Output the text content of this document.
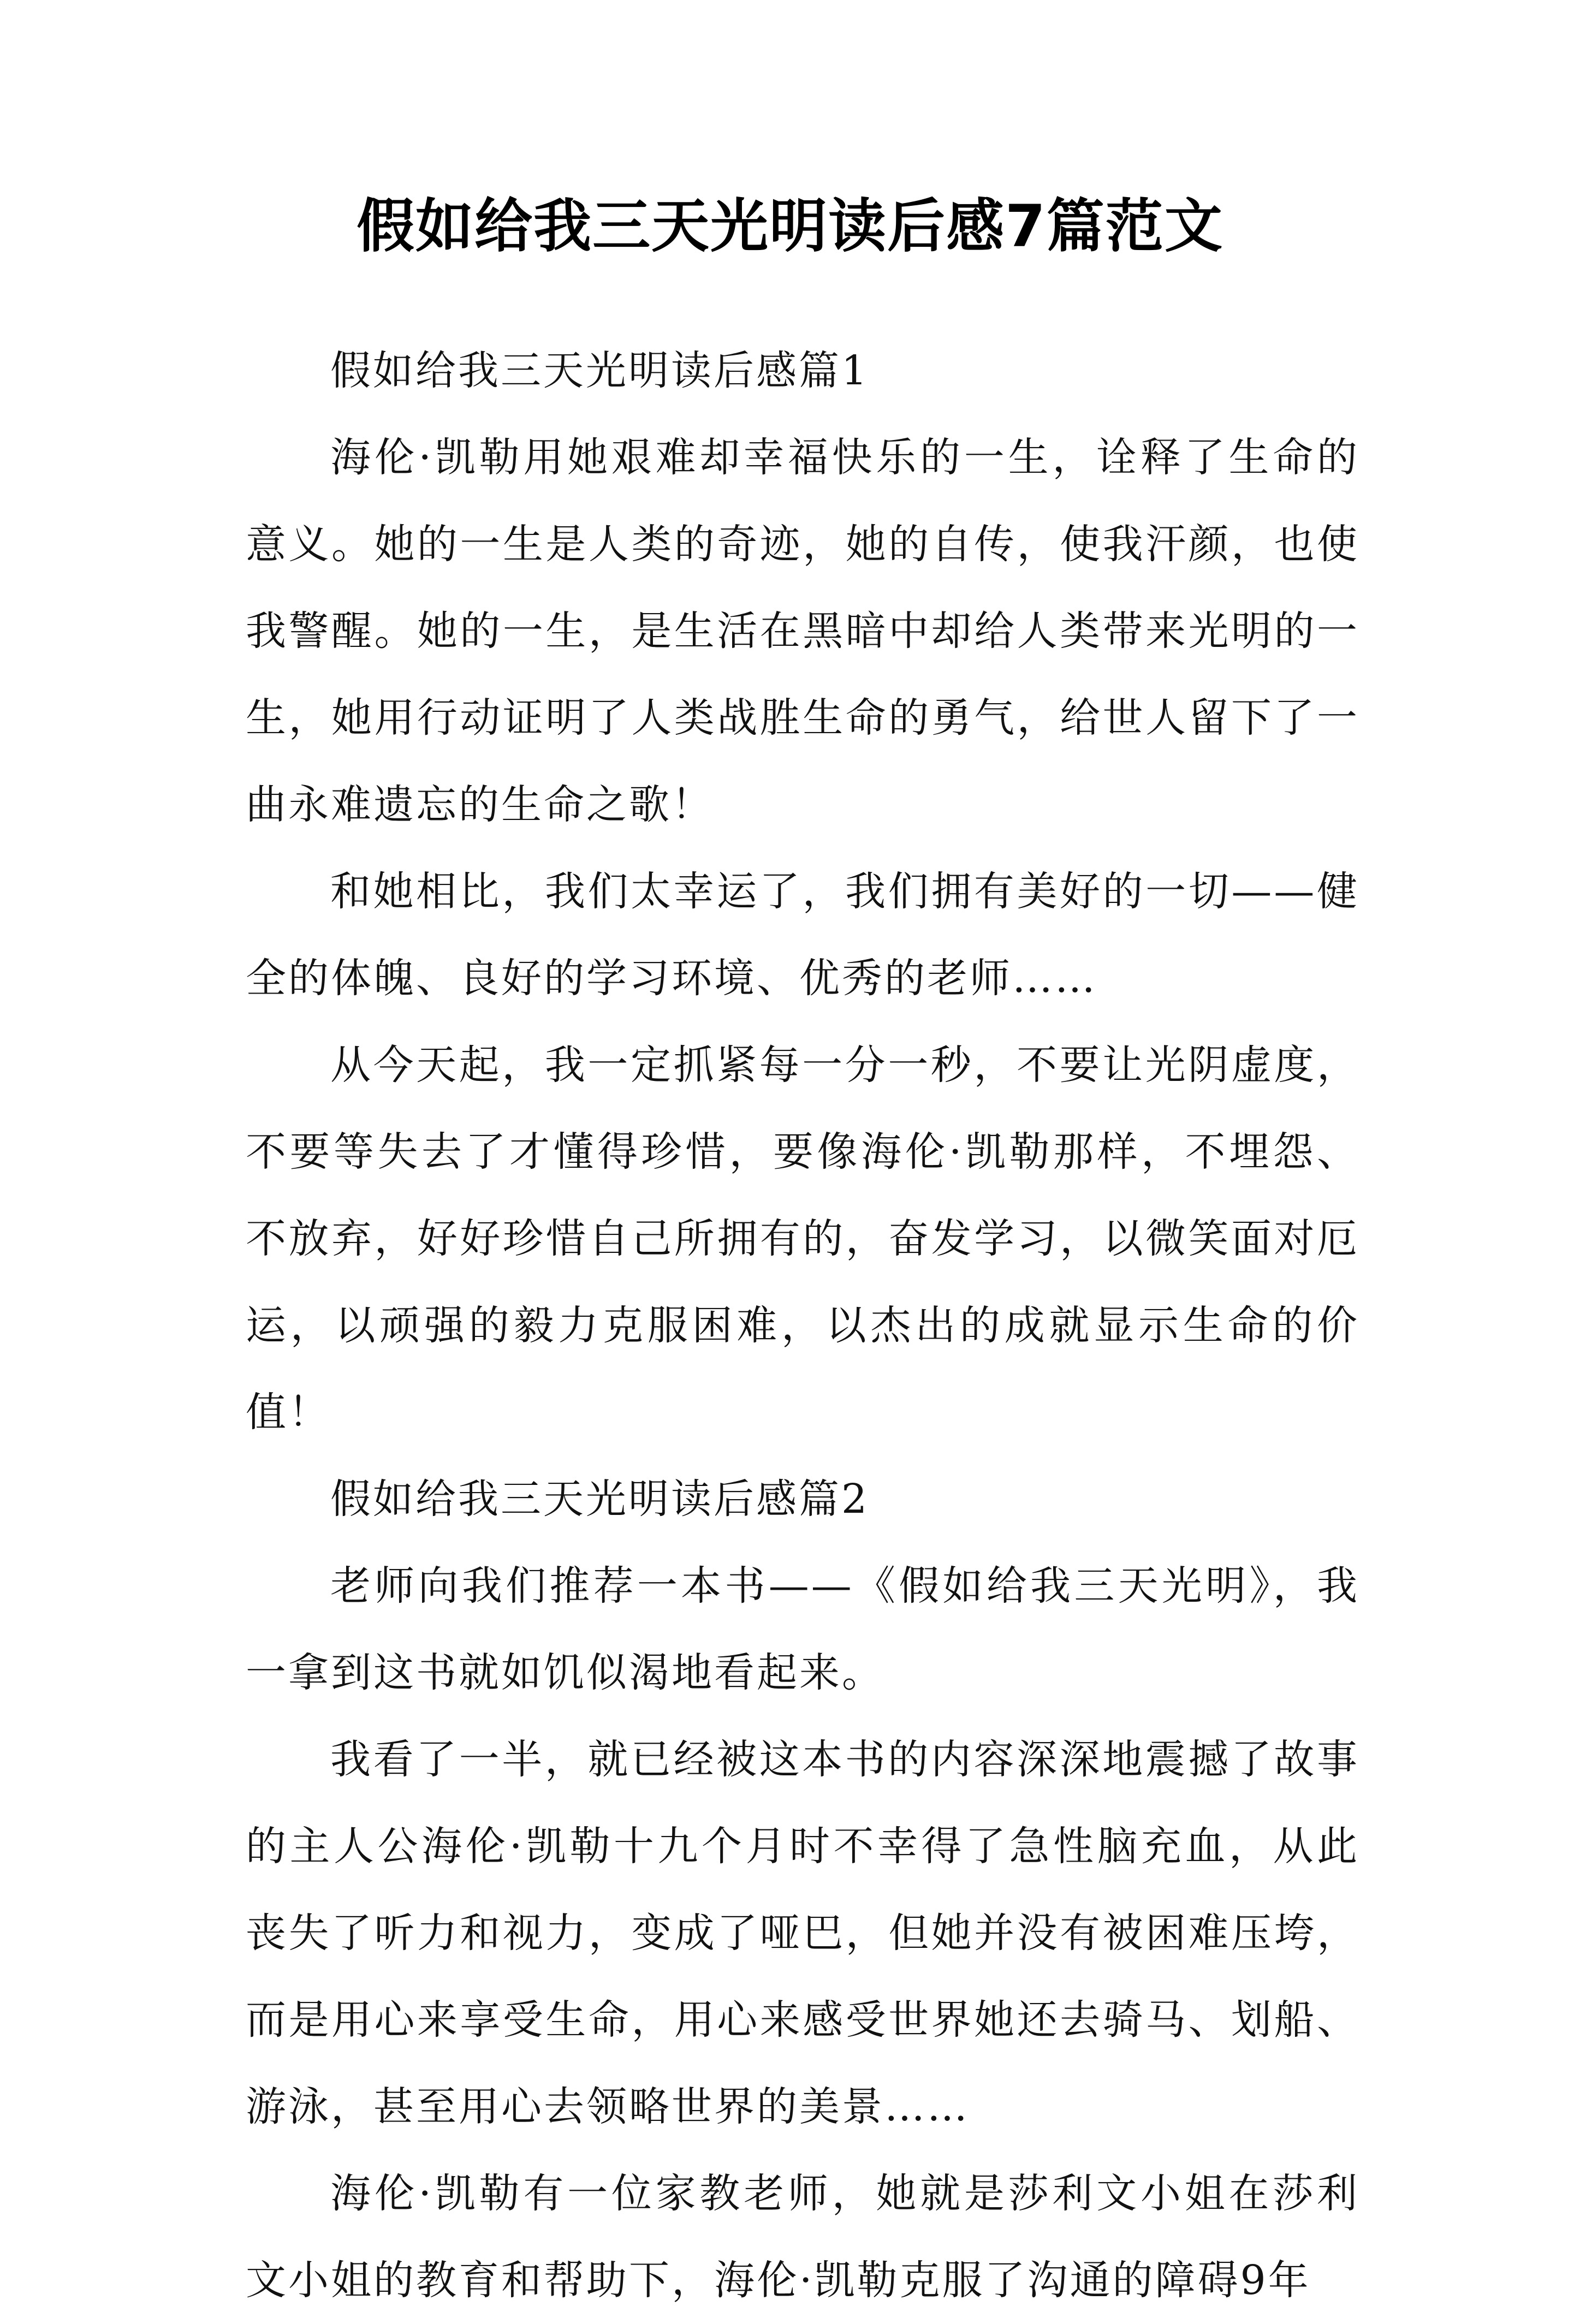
假如给我三天光明读后感7篇范文

假如给我三天光明读后感篇1

海伦·凯勒用她艰难却幸福快乐的一生，诠释了生命的意义。她的一生是人类的奇迹，她的自传，使我汗颜，也使我警醒。她的一生，是生活在黑暗中却给人类带来光明的一生，她用行动证明了人类战胜生命的勇气，给世人留下了一曲永难遗忘的生命之歌！

和她相比，我们太幸运了，我们拥有美好的一切——健全的体魄、良好的学习环境、优秀的老师……

从今天起，我一定抓紧每一分一秒，不要让光阴虚度，不要等失去了才懂得珍惜，要像海伦·凯勒那样，不埋怨、不放弃，好好珍惜自己所拥有的，奋发学习，以微笑面对厄运，以顽强的毅力克服困难，以杰出的成就显示生命的价值！

假如给我三天光明读后感篇2

老师向我们推荐一本书——《假如给我三天光明》，我一拿到这书就如饥似渴地看起来。

我看了一半，就已经被这本书的内容深深地震撼了故事的主人公海伦·凯勒十九个月时不幸得了急性脑充血，从此丧失了听力和视力，变成了哑巴，但她并没有被困难压垮，而是用心来享受生命，用心来感受世界她还去骑马、划船、游泳，甚至用心去领略世界的美景……

海伦·凯勒有一位家教老师，她就是莎利文小姐在莎利文小姐的教育和帮助下，海伦·凯勒克服了沟通的障碍9年
